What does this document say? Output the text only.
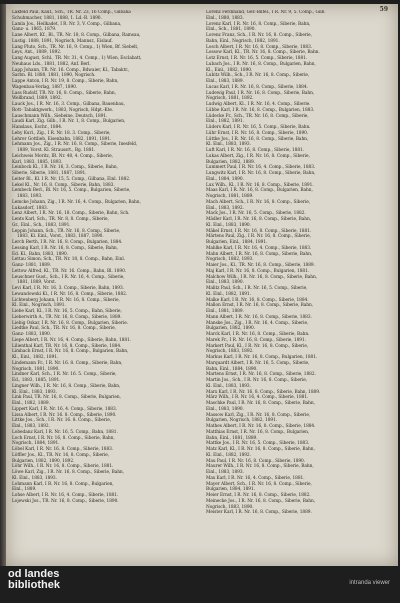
59
Lakfeld Paul, Kauf., Sch., TR. Nr. 23, 16 Comp., Gilbana
Schuhmacher, 1881, 1888, 1. Ld.-R. 1890.
Lamla Jos., Heilkadet, I R. Nr. 3, V. Comp., Gilbana,
Ganz- u. 1865, 1879.
Lane Albert, Kf., Bl., TR. Nr. 18, 8. Comp., Gilbana, Ramsau,
Lustig. 1888, 1891, Nogrisch, Mannsr., Eislauf.
Lang Pluto, Sch., TR. Nr. 16, 9. Comp., 1) Wien, Bf. Siebelt,
Leys, Ant., 1889, 1892.
Lang August, Schl., TR. Nr. 31, 4. Comp., 1) Wien, Esclabatt,
Neuhaus Lds., 1881, 1882, Anf. Berl.
Lapp Johann, TR. Nr. 16. Comp., Bdwaier, Kl., Tabaktr.,
Sarbn. Bl. 1880, 1881, 1890, Nogrisch.
Lappe Anton, I R. Nr. 19, 8. Comp., Siberie, Bahn,
Wagenbau-Verlag, 1887, 1890.
Lass Rudolf, TR. Nr. 16, 8. Comp., Siberie, Bahn,
Wellbrand, 1889, 1892.
Lauck Jos., I R. Nr. 16, 3. Comp., Gilbana, Bauenbau,
Rott- Tabaktgwerk., 1883, Nogrisch, Hdpt.-Kte.
Lauschmann Wilh., Siebeine, Deutsch, 1891.
Laudi Karl, Zig. Gilb., I R. Nr. 1, 8. Comp., Bulgarien,
Hanslaus, Eschr., 1884.
Leby Kurl., Zig., I R. Nr. 18. 3. Comp., Siberie,
Lehrer Gottlieb, Eisenbahn, 1882, 1891, 1891.
Lehmann Jos., Zig., I R. Nr. 16, 8. Comp., Siberie, Inesfeld,
1889, Vorst. Kl. Straussrt., Bg. 1881.
Leichweis Moritz, IR. Nr. 48, 4. Comp., Siberie,
Karl, 1883, 1885, 1893.
Leinbock Kl., I R. Nr. 16, 3. Comp., Siberie, Bahn,
Siberie, Siberie, 1881, 1887, 1891.
Leiter Bl., Kl. I R. Nr. 15, 5. Comp., Gilbana, Einl. 1882.
Lekel Kl., Nr. 16, 8. Comp., Siberie, Bahn, 1883.
Lembeck Berl., Bl. Nr. 16, 5. Comp., Bulgarien, Siberie,
1883, 1893.
Lemcke Johann, Zig., I R. Nr. 16, 4. Comp., Bulgarien, Bahn,
Lukasdorf, 1883.
Lenz Albert, I R. Nr. 16, 18. Comp., Siberie, Bahn, Sch.
Lents Karl, Sch., TR. Nr. 8, 8. Comp., Siberie,
Gr., Einl., Sch., 1883, 1891.
Leppin Johann, Sch., TR. Nr. 16, 8. Comp., Siberie,
1883, Kl. Einl., Vorst., 1883, 1887, 1890.
Lerch Berth, I R. Nr. 16, 8. Comp., Bulgarien, 1884.
Lessing Karl, I R. Nr. 16, 8. Comp., Siberie, Bahn,
Ed. Kl., Bahn, 1883, 1890.
Lettau Simon, Sch., TR. Nr. 18, 8. Comp., Bahn, Einl.
Ganz- 1881, 1889.
Lettow Alfred, Kl., TR. Nr. 16. Comp., Bahn, Bl. 1890.
Leuschner Gust., Sch., I R. Nr. 16, 4. Comp., Siberie,
1881, 1889, Vorst.
Levi Karl, I R. Nr. 16, 3. Comp., Siberie, Bahn, 1893.
Lewandowski Kl., I R. Nr. 16, 8. Comp., Siberie, 1882.
Lichtenberg Johann, I R. Nr. 16, 8. Comp., Siberie,
Kl. Einl., Nogrisch, 1891.
Liebe Karl, Kl., I R. Nr. 16, 5. Comp., Bahn, Siberie,
Lieberwirth A., TR. Nr. 16, 8. Comp., Siberie, 1889.
Liebig Oskar, I R. Nr. 16, 8. Comp., Bulgarien, Siberie.
Liedtke Paul, Sch., TR. Nr. 16, 8. Comp., Siberie,
Ganz- 1883, 1890.
Liepe Albert, I R. Nr. 16, 4. Comp., Siberie, Bahn, 1881.
Lilienthal Karl, TR. Nr. 16, 8. Comp., Siberie, 1884.
Limbach Ernst, I R. Nr. 16, 8. Comp., Bulgarien, Bahn,
Kl., Einl., 1882, 1891.
Lindemann Fr., I R. Nr. 16. 8. Comp., Siberie, Bahn,
Nogrisch, 1881, 1890.
Lindner Karl, Sch., I R. Nr. 16. 5. Comp., Siberie,
Ed., 1883, 1885, 1891.
Lingner Wilh., I R. Nr. 16, 8. Comp., Siberie, Bahn,
Kl. Einl., 1883, 1893.
Link Paul, TR. Nr. 16, 8. Comp., Siberie, Bulgarien,
Einl., 1882, 1889.
Lippert Karl, I R. Nr. 16, 4. Comp., Siberie, 1883.
Lissa Albert, I R. Nr. 16. 8. Comp., Siberie, 1890.
Littke Jos., Sch., I R. Nr. 16. 8. Comp., Siberie,
Einl., 1883, 1892.
Lobedanz Karl, I R. Nr. 16, 5. Comp., Bahn, 1881.
Loch Ernst, I R. Nr. 16, 8. Comp., Siberie, Bahn,
Nogrisch, 1884, 1891.
Löbel Karl, I R. Nr. 16, 8. Comp., Siberie, 1883.
Löffler Jos., Kl., TR. Nr. 16, 8. Comp., Siberie,
Bulgarien, 1882, 1890, 1892.
Löhr Wilh., I R. Nr. 16, 8. Comp., Siberie, 1881.
Löwe Karl, Zig., I R. Nr. 16, 8. Comp., Siberie, Bahn,
Kl. Einl., 1883, 1893.
Lohmann Karl, I R. Nr. 16, 8. Comp., Bulgarien,
Einl., 1889.
Lohse Albert, I R. Nr. 16, 4. Comp., Siberie, 1881.
Lojewski Jos., TR. Nr. 16, 8. Comp., Siberie, 1890.
Lorenz Ferdinand, Ger.-Bilfel., I R. Nr. 9, 5. Comp., Gilb.
Einl., 1880, 1883.
Lorenz Karl, I R. Nr. 16, 8. Comp., Siberie, Bahn,
Einl., Sch., 1881, 1890.
Lorenz Franz, Sch., I R. Nr. 16, 8. Comp., Siberie,
Bahn, Einl., Nogrisch, 1882, 1891.
Losch Albert, I R. Nr. 16, 8. Comp., Siberie, 1883.
Lossow Karl, Kl., TR. Nr. 16, 8. Comp., Siberie, Bahn.
Lotz Ernst, I R. Nr. 16, 5. Comp., Siberie, 1881.
Lubach Jos., I R. Nr. 16, 8. Comp., Bulgarien, Bahn,
Kl., Einl., 1882, 1890.
Lubitz Wilh., Sch., I R. Nr. 16, 8. Comp., Siberie,
Einl., 1883, 1889.
Lucas Karl, I R. Nr. 16, 8. Comp., Siberie, 1884.
Ludewig Paul, I R. Nr. 16, 8. Comp., Siberie, Bahn,
Nogrisch, 1881, 1892.
Ludwig Albert, Kl., I R. Nr. 16, 4. Comp., Siberie.
Lübbe Karl, I R. Nr. 16, 8. Comp., Bulgarien, 1883.
Lüdecke Fr., Sch., TR. Nr. 16, 8. Comp., Siberie,
Einl., 1882, 1891.
Lüders Karl, I R. Nr. 16, 5. Comp., Siberie, Bahn.
Lühr Ernst, I R. Nr. 16, 8. Comp., Siberie, 1890.
Lüttke Jos., I R. Nr. 16, 8. Comp., Siberie, Bahn,
Kl. Einl., 1883, 1893.
Luft Karl, I R. Nr. 16, 8. Comp., Siberie, 1881.
Lukas Albert, Zig., I R. Nr. 16, 8. Comp., Siberie,
Bulgarien, 1882, 1889.
Lummert Paul, I R. Nr. 16, 4. Comp., Siberie, 1883.
Lungwitz Karl, I R. Nr. 16, 8. Comp., Siberie, Bahn,
Einl., 1884, 1890.
Lux Wilh., Kl., I R. Nr. 16, 8. Comp., Siberie, 1891.
Maas Karl, I R. Nr. 16, 8. Comp., Bulgarien, Bahn,
Nogrisch, 1881, 1889.
Mach Albert, Sch., I R. Nr. 16, 8. Comp., Siberie,
Einl., 1883, 1892.
Mack Jos., I R. Nr. 16, 5. Comp., Siberie, 1882.
Mädler Karl, I R. Nr. 16, 8. Comp., Siberie, Bahn,
Kl. Einl., 1883, 1890.
Mäkel Ernst, I R. Nr. 16, 8. Comp., Siberie, 1881.
Märtens Paul, Zig., I R. Nr. 16, 8. Comp., Siberie,
Bulgarien, Einl., 1884, 1891.
Mahlke Karl, I R. Nr. 16, 4. Comp., Siberie, 1883.
Mahn Albert, I R. Nr. 16, 8. Comp., Siberie, Bahn,
Nogrisch, 1882, 1893.
Maier Jos., Kl., TR. Nr. 16, 8. Comp., Siberie, 1889.
Maj Karl, I R. Nr. 16, 8. Comp., Bulgarien, 1881.
Malchow Wilh., I R. Nr. 16, 8. Comp., Siberie, Bahn,
Einl., 1883, 1890.
Malitz Paul, Sch., I R. Nr. 16, 5. Comp., Siberie,
Kl. Einl., 1882, 1891.
Malke Karl, I R. Nr. 16, 8. Comp., Siberie, 1884.
Mallon Ernst, I R. Nr. 16, 8. Comp., Siberie, Bahn,
Einl., 1881, 1889.
Mann Albert, I R. Nr. 16, 8. Comp., Siberie, 1883.
Manske Jos., Zig., I R. Nr. 16, 4. Comp., Siberie,
Bulgarien, 1882, 1890.
Marck Karl, I R. Nr. 16, 8. Comp., Siberie, Bahn.
Marek Fr., I R. Nr. 16, 8. Comp., Siberie, 1891.
Markert Paul, Kl., I R. Nr. 16, 8. Comp., Siberie,
Nogrisch, 1883, 1892.
Markus Karl, I R. Nr. 16, 8. Comp., Bulgarien, 1881.
Marquardt Albert, I R. Nr. 16, 5. Comp., Siberie,
Bahn, Einl., 1884, 1890.
Martens Ernst, I R. Nr. 16, 8. Comp., Siberie, 1882.
Martin Jos., Sch., I R. Nr. 16, 8. Comp., Siberie,
Kl. Einl., 1883, 1893.
Marx Karl, I R. Nr. 16, 8. Comp., Siberie, Bahn, 1889.
März Wilh., I R. Nr. 16, 4. Comp., Siberie, 1881.
Maschke Paul, I R. Nr. 16, 8. Comp., Siberie, Bahn,
Einl., 1883, 1890.
Massow Karl, Zig., I R. Nr. 16, 8. Comp., Siberie,
Bulgarien, Nogrisch, 1882, 1891.
Mathes Albert, I R. Nr. 16, 8. Comp., Siberie, 1884.
Matthias Ernst, I R. Nr. 16, 8. Comp., Bulgarien,
Bahn, Einl., 1881, 1889.
Mattke Jos., I R. Nr. 16, 5. Comp., Siberie, 1883.
Matz Karl, Kl., I R. Nr. 16, 8. Comp., Siberie, Bahn,
Kl. Einl., 1882, 1892.
Mau Paul, I R. Nr. 16, 8. Comp., Siberie, 1890.
Maurer Wilh., I R. Nr. 16, 8. Comp., Siberie, Bahn,
Einl., 1883, 1893.
Max Karl, I R. Nr. 16, 4. Comp., Siberie, 1881.
Mayer Albert, Sch., I R. Nr. 16, 8. Comp., Siberie,
Bulgarien, 1884, 1891.
Meier Ernst, I R. Nr. 16, 8. Comp., Siberie, 1882.
Meinecke Jos., I R. Nr. 16, 8. Comp., Siberie, Bahn,
Nogrisch, 1883, 1890.
Meister Karl, I R. Nr. 16, 8. Comp., Siberie, 1889.
od landes
bibliothek	intranda viewer
